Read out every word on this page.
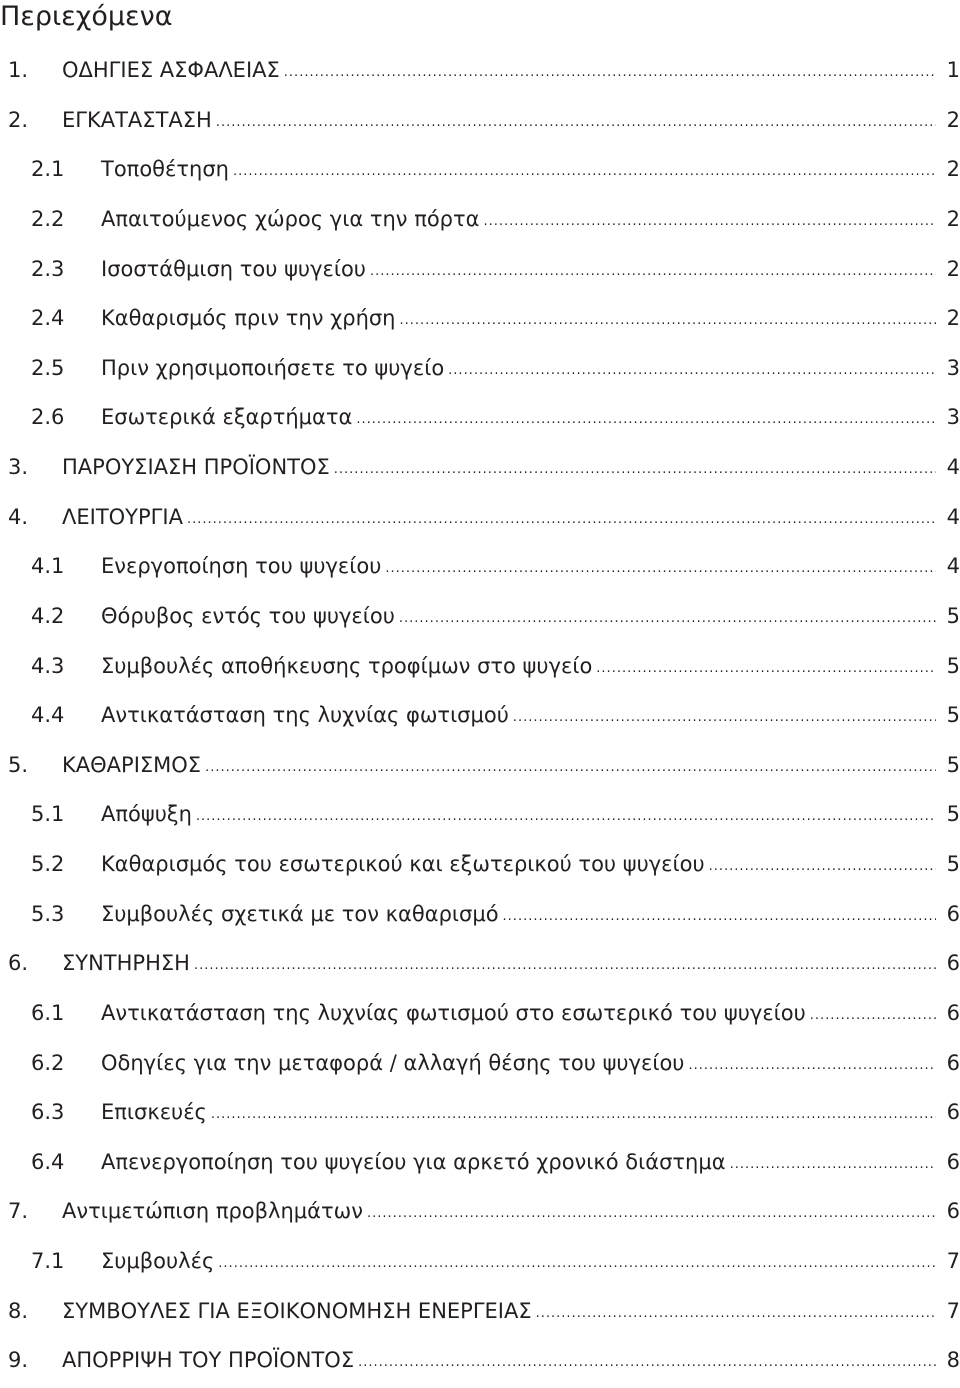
Περιεχόμενα
1.	ΟΔΗΓΙΕΣ ΑΣΦΑΛΕΙΑΣ .....	1
2.	ΕΓΚΑΤΑΣΤΑΣΗ .....	2
2.1	Τοποθέτηση .....	2
2.2	Απαιτούμενος χώρος για την πόρτα .....	2
2.3	Ισοστάθμιση του ψυγείου .....	2
2.4	Καθαρισμός πριν την χρήση .....	2
2.5	Πριν χρησιμοποιήσετε το ψυγείο .....	3
2.6	Εσωτερικά εξαρτήματα .....	3
3.	ΠΑΡΟΥΣΙΑΣΗ ΠΡΟΪΟΝΤΟΣ .....	4
4.	ΛΕΙΤΟΥΡΓΙΑ .....	4
4.1	Ενεργοποίηση του ψυγείου .....	4
4.2	Θόρυβος εντός του ψυγείου .....	5
4.3	Συμβουλές αποθήκευσης τροφίμων στο ψυγείο .....	5
4.4	Αντικατάσταση της λυχνίας φωτισμού .....	5
5.	ΚΑΘΑΡΙΣΜΟΣ .....	5
5.1	Απόψυξη .....	5
5.2	Καθαρισμός του εσωτερικού και εξωτερικού του ψυγείου .....	5
5.3	Συμβουλές σχετικά με τον καθαρισμό .....	6
6.	ΣΥΝΤΗΡΗΣΗ .....	6
6.1	Αντικατάσταση της λυχνίας φωτισμού στο εσωτερικό του ψυγείου .....	6
6.2	Οδηγίες για την μεταφορά / αλλαγή θέσης του ψυγείου .....	6
6.3	Επισκευές .....	6
6.4	Απενεργοποίηση του ψυγείου για αρκετό χρονικό διάστημα .....	6
7.	Αντιμετώπιση προβλημάτων .....	6
7.1	Συμβουλές .....	7
8.	ΣΥΜΒΟΥΛΕΣ ΓΙΑ ΕΞΟΙΚΟΝΟΜΗΣΗ ΕΝΕΡΓΕΙΑΣ .....	7
9.	ΑΠΟΡΡΙΨΗ ΤΟΥ ΠΡΟΪΟΝΤΟΣ .....	8
